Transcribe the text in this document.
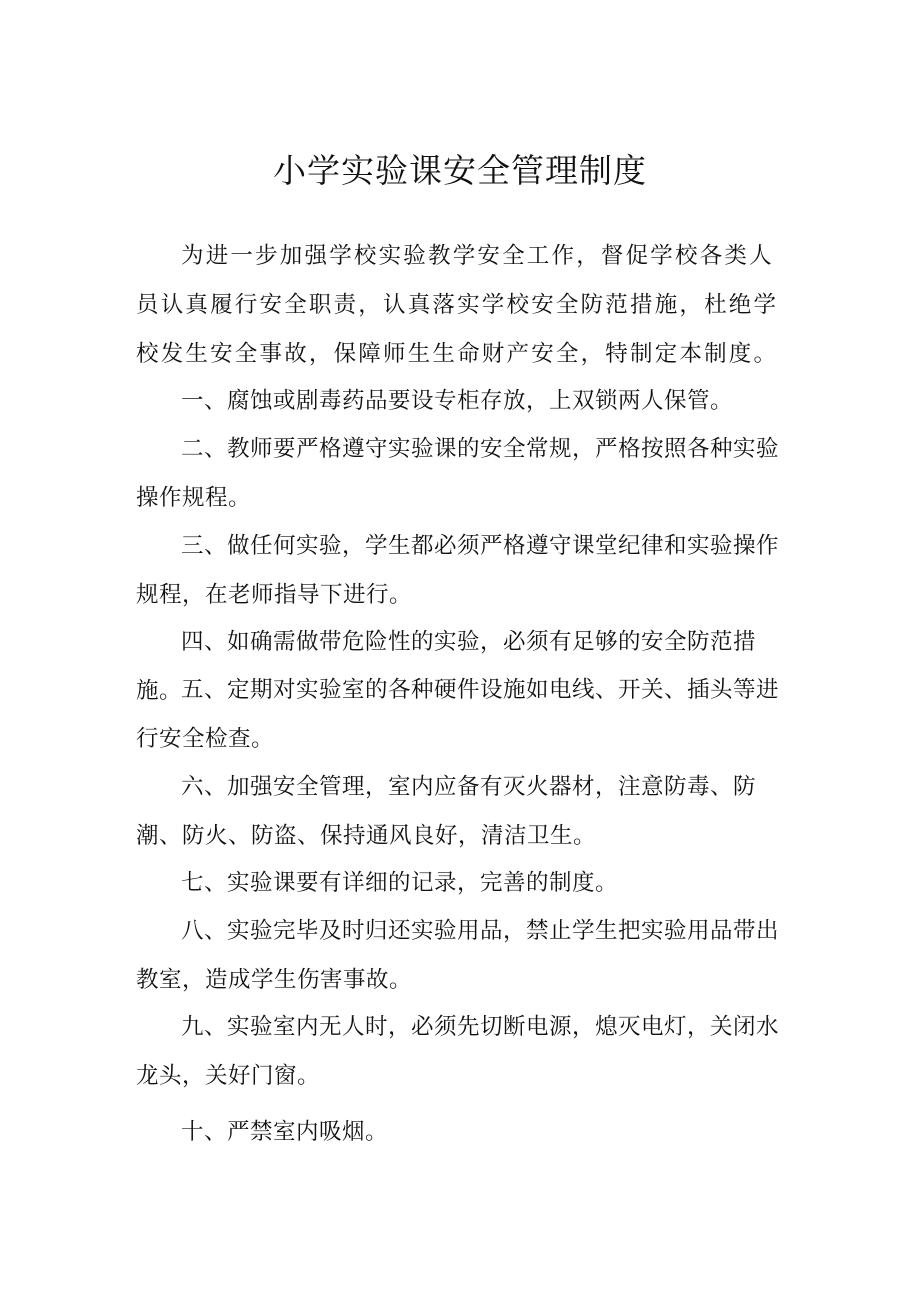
小学实验课安全管理制度

为进一步加强学校实验教学安全工作，督促学校各类人员认真履行安全职责，认真落实学校安全防范措施，杜绝学校发生安全事故，保障师生生命财产安全，特制定本制度。

一、腐蚀或剧毒药品要设专柜存放，上双锁两人保管。

二、教师要严格遵守实验课的安全常规，严格按照各种实验操作规程。

三、做任何实验，学生都必须严格遵守课堂纪律和实验操作规程，在老师指导下进行。

四、如确需做带危险性的实验，必须有足够的安全防范措施。

五、定期对实验室的各种硬件设施如电线、开关、插头等进行安全检查。

六、加强安全管理，室内应备有灭火器材，注意防毒、防潮、防火、防盗、保持通风良好，清洁卫生。

七、实验课要有详细的记录，完善的制度。

八、实验完毕及时归还实验用品，禁止学生把实验用品带出教室，造成学生伤害事故。

九、实验室内无人时，必须先切断电源，熄灭电灯，关闭水龙头，关好门窗。

十、严禁室内吸烟。
